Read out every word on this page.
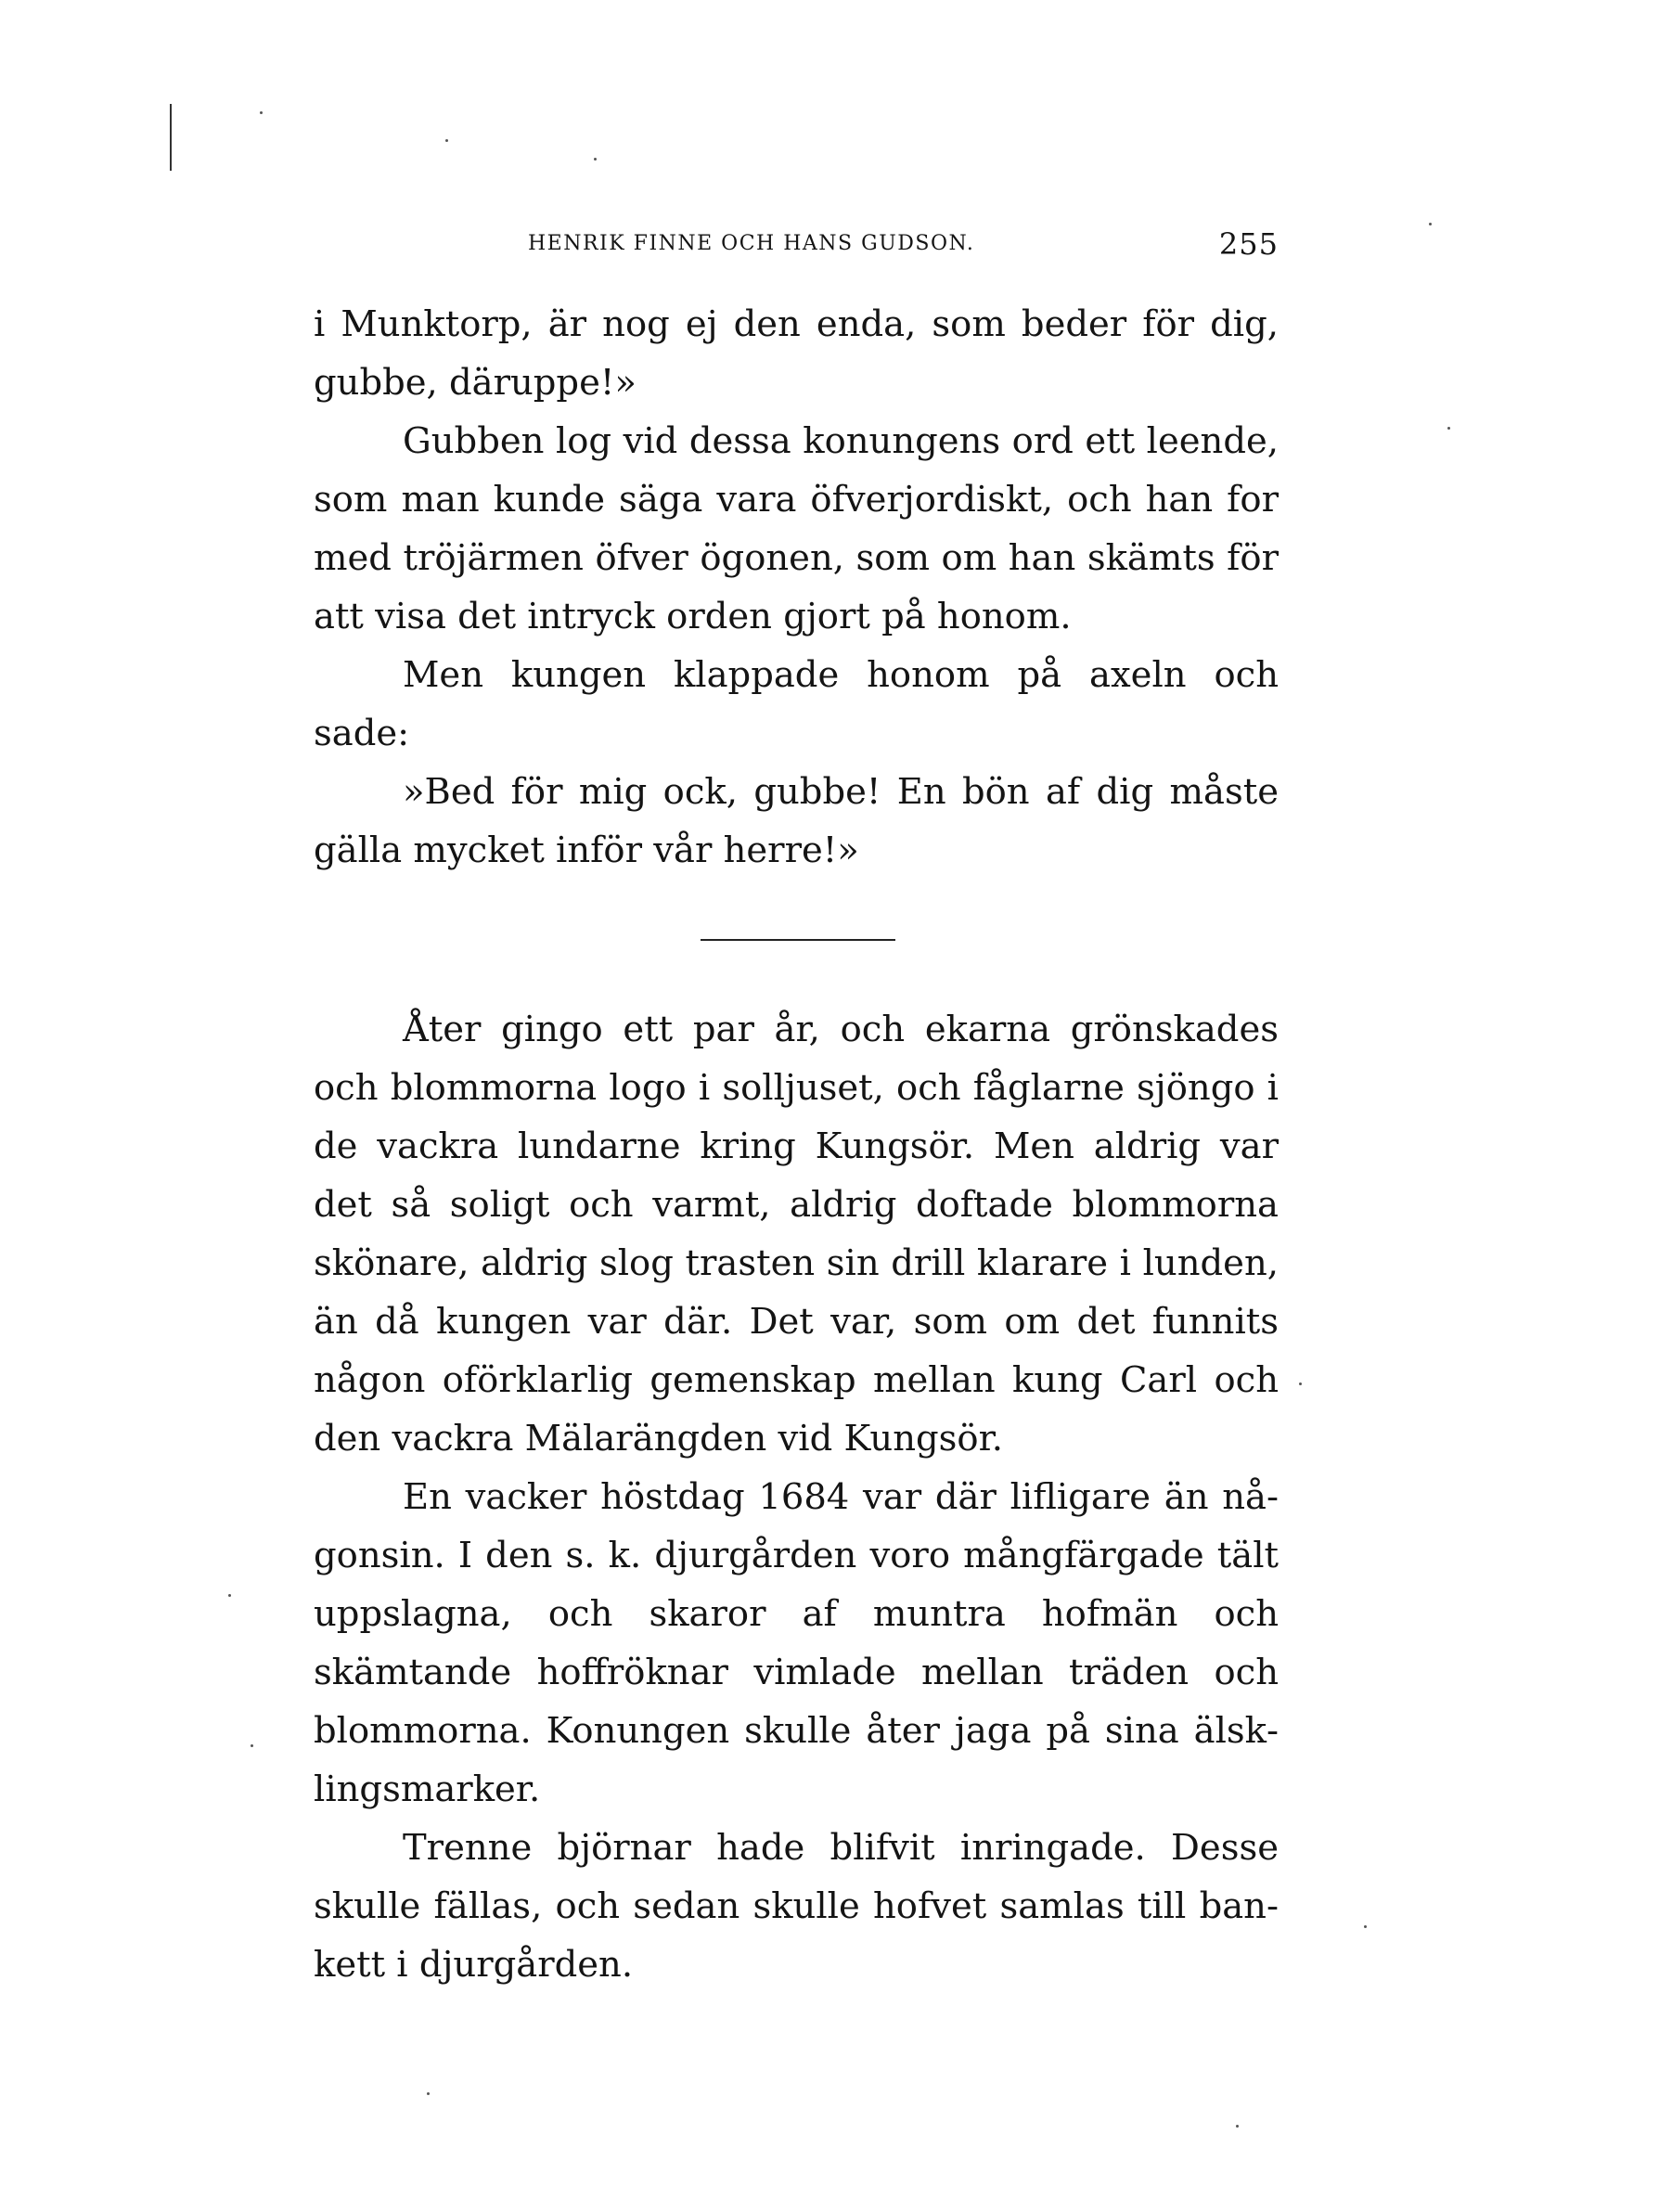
HENRIK FINNE OCH HANS GUDSON.	255

i Munktorp, är nog ej den enda, som beder för dig, gubbe, däruppe!»

Gubben log vid dessa konungens ord ett leende, som man kunde säga vara öfverjordiskt, och han for med tröjärmen öfver ögonen, som om han skämts för att visa det intryck orden gjort på honom.

Men kungen klappade honom på axeln och sade:

»Bed för mig ock, gubbe! En bön af dig måste gälla mycket inför vår herre!»

Åter gingo ett par år, och ekarna grönskades och blommorna logo i solljuset, och fåglarne sjöngo i de vackra lundarne kring Kungsör. Men aldrig var det så soligt och varmt, aldrig doftade blommorna skönare, aldrig slog trasten sin drill klarare i lunden, än då kungen var där. Det var, som om det funnits någon oförklarlig gemenskap mellan kung Carl och den vackra Mälarängden vid Kungsör.

En vacker höstdag 1684 var där lifligare än någonsin. I den s. k. djurgården voro mångfärgade tält uppslagna, och skaror af muntra hofmän och skämtande hoffröknar vimlade mellan träden och blommorna. Konungen skulle åter jaga på sina älsklingsmarker.

Trenne björnar hade blifvit inringade. Desse skulle fällas, och sedan skulle hofvet samlas till bankett i djurgården.
